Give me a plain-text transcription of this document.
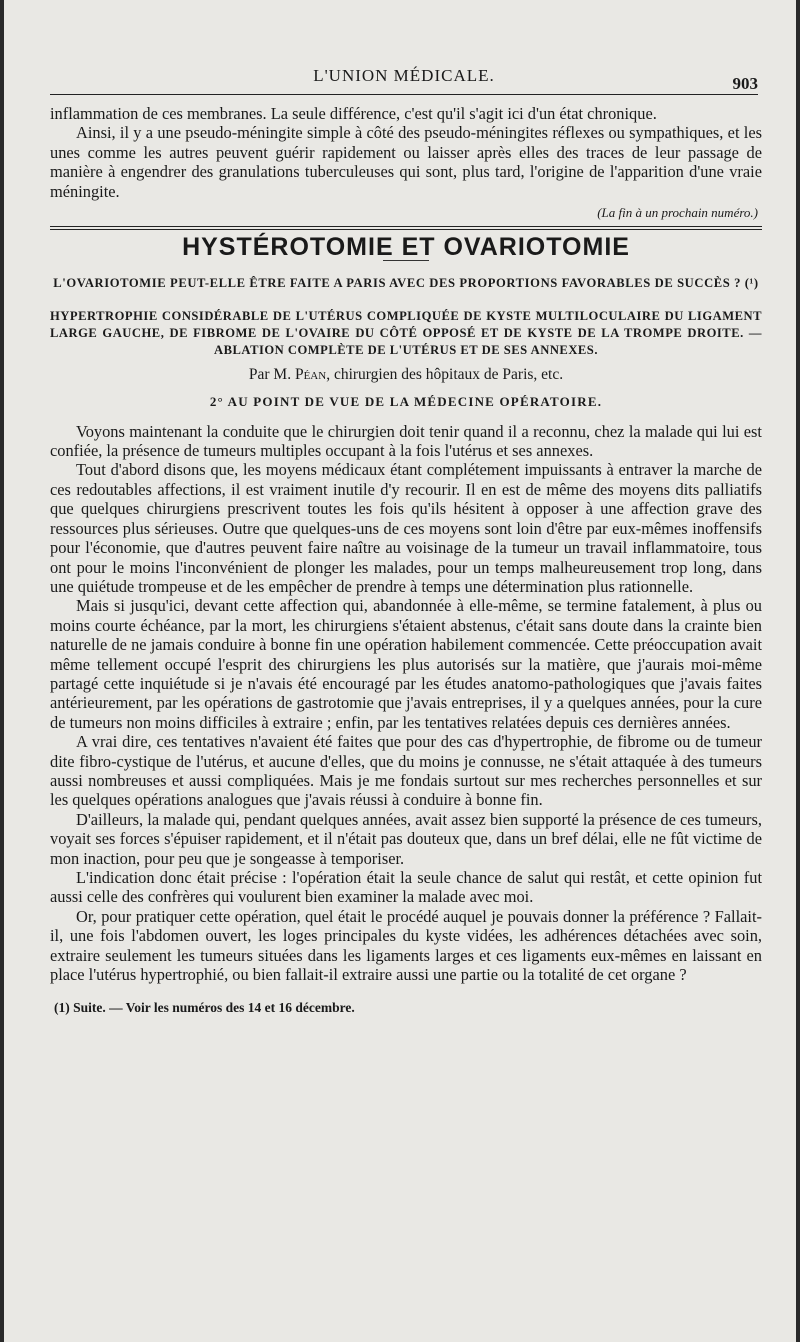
L'UNION MÉDICALE.	903

inflammation de ces membranes. La seule différence, c'est qu'il s'agit ici d'un état chronique.

Ainsi, il y a une pseudo-méningite simple à côté des pseudo-méningites réflexes ou sympathiques, et les unes comme les autres peuvent guérir rapidement ou laisser après elles des traces de leur passage de manière à engendrer des granulations tuberculeuses qui sont, plus tard, l'origine de l'apparition d'une vraie méningite.

(La fin à un prochain numéro.)

HYSTÉROTOMIE ET OVARIOTOMIE

L'OVARIOTOMIE PEUT-ELLE ÊTRE FAITE A PARIS AVEC DES PROPORTIONS FAVORABLES DE SUCCÈS ? (¹)

HYPERTROPHIE CONSIDÉRABLE DE L'UTÉRUS COMPLIQUÉE DE KYSTE MULTILOCULAIRE DU LIGAMENT LARGE GAUCHE, DE FIBROME DE L'OVAIRE DU CÔTÉ OPPOSÉ ET DE KYSTE DE LA TROMPE DROITE. — ABLATION COMPLÈTE DE L'UTÉRUS ET DE SES ANNEXES.

Par M. Péan, chirurgien des hôpitaux de Paris, etc.

2° AU POINT DE VUE DE LA MÉDECINE OPÉRATOIRE.

Voyons maintenant la conduite que le chirurgien doit tenir quand il a reconnu, chez la malade qui lui est confiée, la présence de tumeurs multiples occupant à la fois l'utérus et ses annexes.

Tout d'abord disons que, les moyens médicaux étant complétement impuissants à entraver la marche de ces redoutables affections, il est vraiment inutile d'y recourir. Il en est de même des moyens dits palliatifs que quelques chirurgiens prescrivent toutes les fois qu'ils hésitent à opposer à une affection grave des ressources plus sérieuses. Outre que quelques-uns de ces moyens sont loin d'être par eux-mêmes inoffensifs pour l'économie, que d'autres peuvent faire naître au voisinage de la tumeur un travail inflammatoire, tous ont pour le moins l'inconvénient de plonger les malades, pour un temps malheureusement trop long, dans une quiétude trompeuse et de les empêcher de prendre à temps une détermination plus rationnelle.

Mais si jusqu'ici, devant cette affection qui, abandonnée à elle-même, se termine fatalement, à plus ou moins courte échéance, par la mort, les chirurgiens s'étaient abstenus, c'était sans doute dans la crainte bien naturelle de ne jamais conduire à bonne fin une opération habilement commencée. Cette préoccupation avait même tellement occupé l'esprit des chirurgiens les plus autorisés sur la matière, que j'aurais moi-même partagé cette inquiétude si je n'avais été encouragé par les études anatomo-pathologiques que j'avais faites antérieurement, par les opérations de gastrotomie que j'avais entreprises, il y a quelques années, pour la cure de tumeurs non moins difficiles à extraire ; enfin, par les tentatives relatées depuis ces dernières années.

A vrai dire, ces tentatives n'avaient été faites que pour des cas d'hypertrophie, de fibrome ou de tumeur dite fibro-cystique de l'utérus, et aucune d'elles, que du moins je connusse, ne s'était attaquée à des tumeurs aussi nombreuses et aussi compliquées. Mais je me fondais surtout sur mes recherches personnelles et sur les quelques opérations analogues que j'avais réussi à conduire à bonne fin.

D'ailleurs, la malade qui, pendant quelques années, avait assez bien supporté la présence de ces tumeurs, voyait ses forces s'épuiser rapidement, et il n'était pas douteux que, dans un bref délai, elle ne fût victime de mon inaction, pour peu que je songeasse à temporiser.

L'indication donc était précise : l'opération était la seule chance de salut qui restât, et cette opinion fut aussi celle des confrères qui voulurent bien examiner la malade avec moi.

Or, pour pratiquer cette opération, quel était le procédé auquel je pouvais donner la préférence ? Fallait-il, une fois l'abdomen ouvert, les loges principales du kyste vidées, les adhérences détachées avec soin, extraire seulement les tumeurs situées dans les ligaments larges et ces ligaments eux-mêmes en laissant en place l'utérus hypertrophié, ou bien fallait-il extraire aussi une partie ou la totalité de cet organe ?

(1) Suite. — Voir les numéros des 14 et 16 décembre.
